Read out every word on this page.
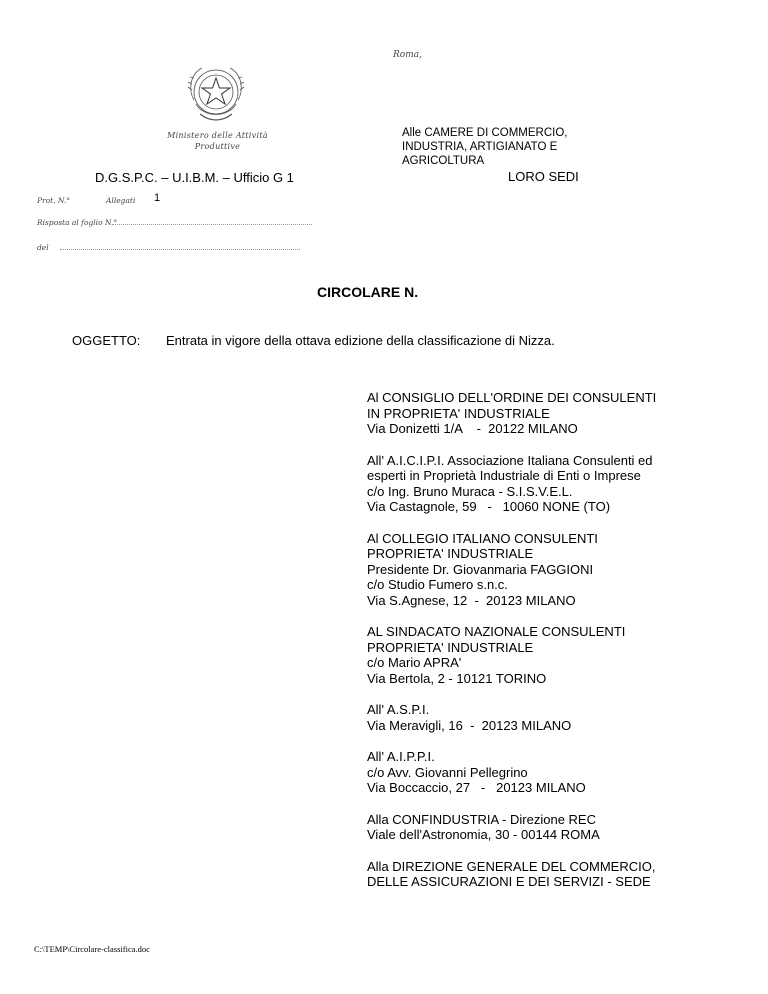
Roma,
Ministero delle Attività
Produttive
Alle CAMERE DI COMMERCIO,
INDUSTRIA, ARTIGIANATO E
AGRICOLTURA
LORO SEDI
D.G.S.P.C. – U.I.B.M. – Ufficio G 1
Prot. N.°	Allegati 1
Risposta al foglio N.°
del
CIRCOLARE N.
OGGETTO: Entrata in vigore della ottava edizione della classificazione di Nizza.
Al CONSIGLIO DELL'ORDINE DEI CONSULENTI
IN PROPRIETA' INDUSTRIALE
Via Donizetti 1/A    -  20122 MILANO
All' A.I.C.I.P.I. Associazione Italiana Consulenti ed
esperti in Proprietà Industriale di Enti o Imprese
c/o Ing. Bruno Muraca - S.I.S.V.E.L.
Via Castagnole, 59   -   10060 NONE (TO)
Al COLLEGIO ITALIANO CONSULENTI
PROPRIETA' INDUSTRIALE
Presidente Dr. Giovanmaria FAGGIONI
c/o Studio Fumero s.n.c.
Via S.Agnese, 12  -  20123 MILANO
AL SINDACATO NAZIONALE CONSULENTI
PROPRIETA' INDUSTRIALE
c/o Mario APRA'
Via Bertola, 2 - 10121 TORINO
All' A.S.P.I.
Via Meravigli, 16  -  20123 MILANO
All' A.I.P.P.I.
c/o Avv. Giovanni Pellegrino
Via Boccaccio, 27   -   20123 MILANO
Alla CONFINDUSTRIA - Direzione REC
Viale dell'Astronomia, 30 - 00144 ROMA
Alla DIREZIONE GENERALE DEL COMMERCIO,
DELLE ASSICURAZIONI E DEI SERVIZI - SEDE
C:\TEMP\Circolare-classifica.doc
